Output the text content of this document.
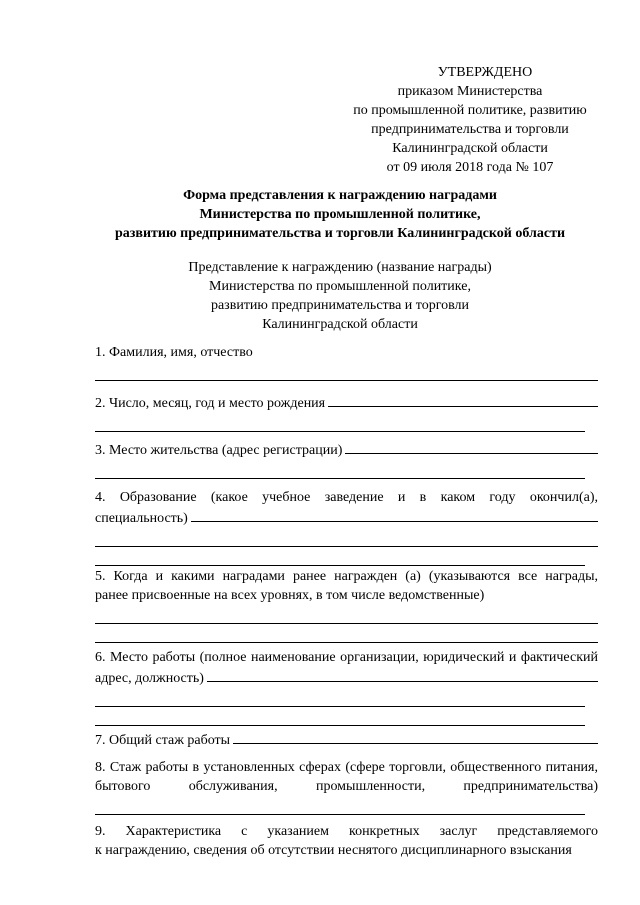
УТВЕРЖДЕНО
приказом Министерства
по промышленной политике, развитию
предпринимательства и торговли
Калининградской области
от 09 июля 2018 года № 107
Форма представления к награждению наградами
Министерства по промышленной политике,
развитию предпринимательства и торговли Калининградской области
Представление к награждению (название награды)
Министерства по промышленной политике,
развитию предпринимательства и торговли
Калининградской области
1. Фамилия, имя, отчество
2. Число, месяц, год и место рождения
3. Место жительства (адрес регистрации)
4. Образование (какое учебное заведение и в каком году окончил(а),
специальность)
5. Когда и какими наградами ранее награжден (а) (указываются все награды,
ранее присвоенные на всех уровнях, в том числе ведомственные)
6. Место работы (полное наименование организации, юридический и фактический
адрес, должность)
7. Общий стаж работы
8. Стаж работы в установленных сферах (сфере торговли, общественного питания,
бытового обслуживания, промышленности, предпринимательства)
9. Характеристика с указанием конкретных заслуг представляемого
к награждению, сведения об отсутствии неснятого дисциплинарного взыскания
